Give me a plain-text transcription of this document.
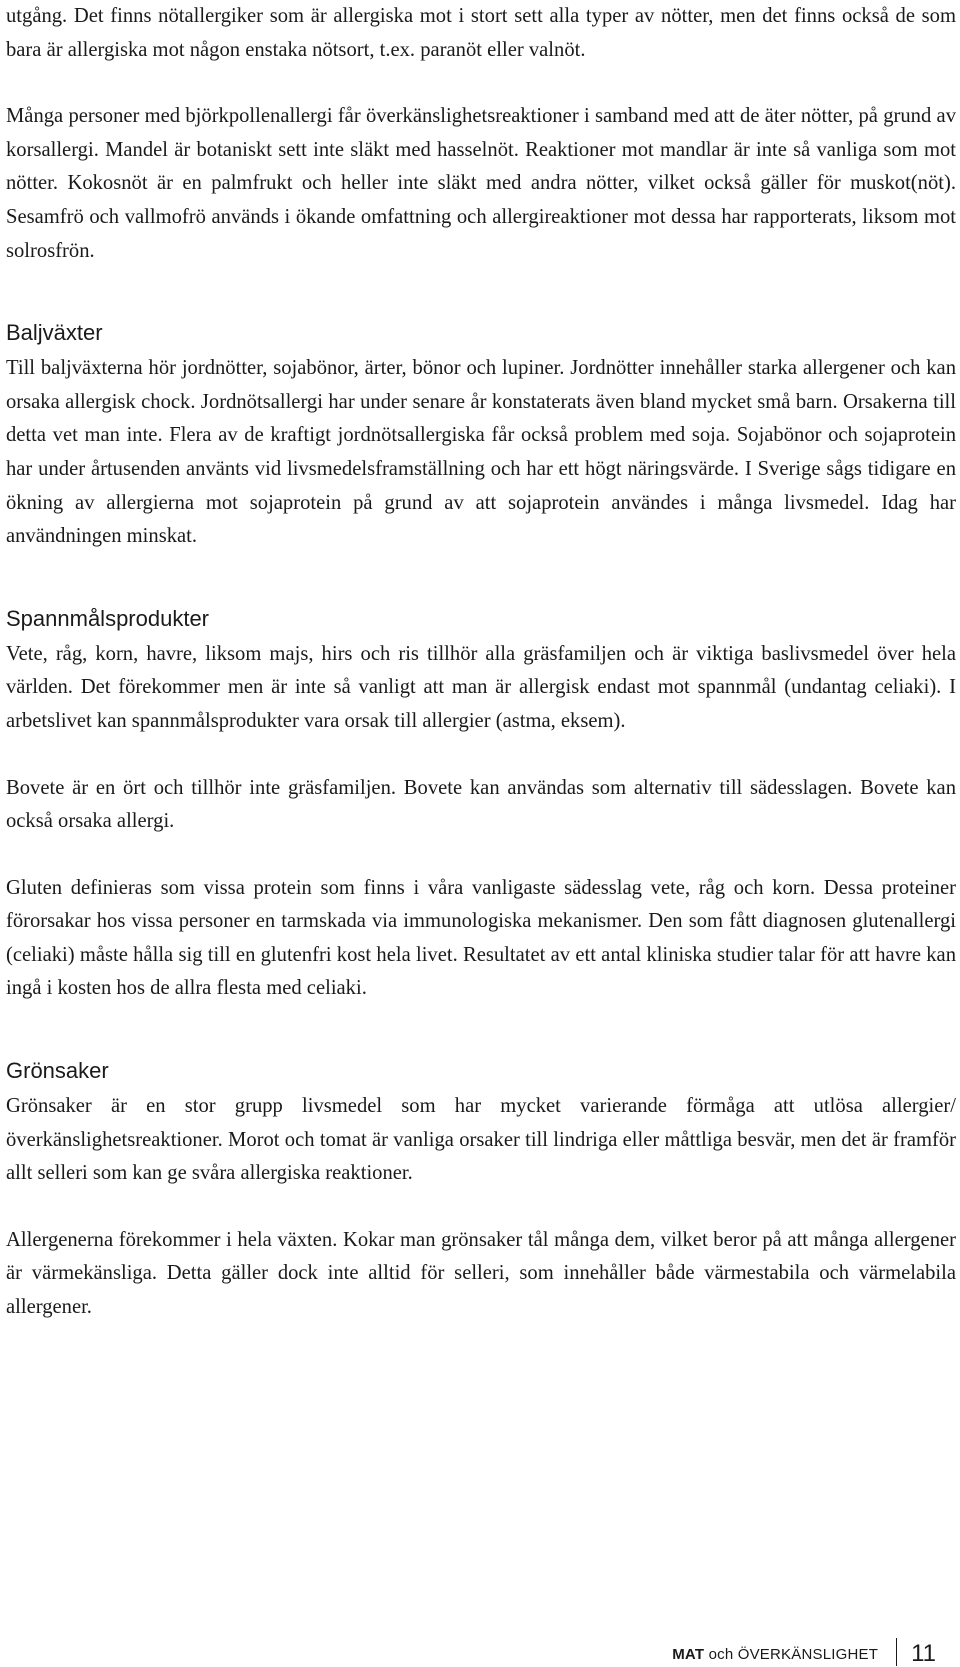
utgång. Det finns nötallergiker som är allergiska mot i stort sett alla typer av nötter, men det finns också de som bara är allergiska mot någon enstaka nötsort, t.ex. paranöt eller valnöt.

Många personer med björkpollenallergi får överkänslighetsreaktioner i samband med att de äter nötter, på grund av korsallergi. Mandel är botaniskt sett inte släkt med hasselnöt. Reaktioner mot mandlar är inte så vanliga som mot nötter. Kokosnöt är en palmfrukt och heller inte släkt med andra nötter, vilket också gäller för muskot(nöt). Sesamfrö och vallmofrö används i ökande omfattning och allergireaktioner mot dessa har rapporterats, liksom mot solrosfrön.

Baljväxter

Till baljväxterna hör jordnötter, sojabönor, ärter, bönor och lupiner. Jordnötter innehåller starka allergener och kan orsaka allergisk chock. Jordnötsallergi har under senare år konstaterats även bland mycket små barn. Orsakerna till detta vet man inte. Flera av de kraftigt jordnötsallergiska får också problem med soja. Sojabönor och sojaprotein har under årtusenden använts vid livsmedelsframställning och har ett högt näringsvärde. I Sverige sågs tidigare en ökning av allergierna mot sojaprotein på grund av att sojaprotein användes i många livsmedel. Idag har användningen minskat.

Spannmålsprodukter

Vete, råg, korn, havre, liksom majs, hirs och ris tillhör alla gräsfamiljen och är viktiga baslivsmedel över hela världen. Det förekommer men är inte så vanligt att man är allergisk endast mot spannmål (undantag celiaki). I arbetslivet kan spannmålsprodukter vara orsak till allergier (astma, eksem).

Bovete är en ört och tillhör inte gräsfamiljen. Bovete kan användas som alternativ till sädesslagen. Bovete kan också orsaka allergi.

Gluten definieras som vissa protein som finns i våra vanligaste sädesslag vete, råg och korn. Dessa proteiner förorsakar hos vissa personer en tarmskada via immunologiska mekanismer. Den som fått diagnosen glutenallergi (celiaki) måste hålla sig till en glutenfri kost hela livet. Resultatet av ett antal kliniska studier talar för att havre kan ingå i kosten hos de allra flesta med celiaki.

Grönsaker

Grönsaker är en stor grupp livsmedel som har mycket varierande förmåga att utlösa allergier/överkänslighetsreaktioner. Morot och tomat är vanliga orsaker till lindriga eller måttliga besvär, men det är framför allt selleri som kan ge svåra allergiska reaktioner.

Allergenerna förekommer i hela växten. Kokar man grönsaker tål många dem, vilket beror på att många allergener är värmekänsliga. Detta gäller dock inte alltid för selleri, som innehåller både värmestabila och värmelabila allergener.

MAT och ÖVERKÄNSLIGHET 11
